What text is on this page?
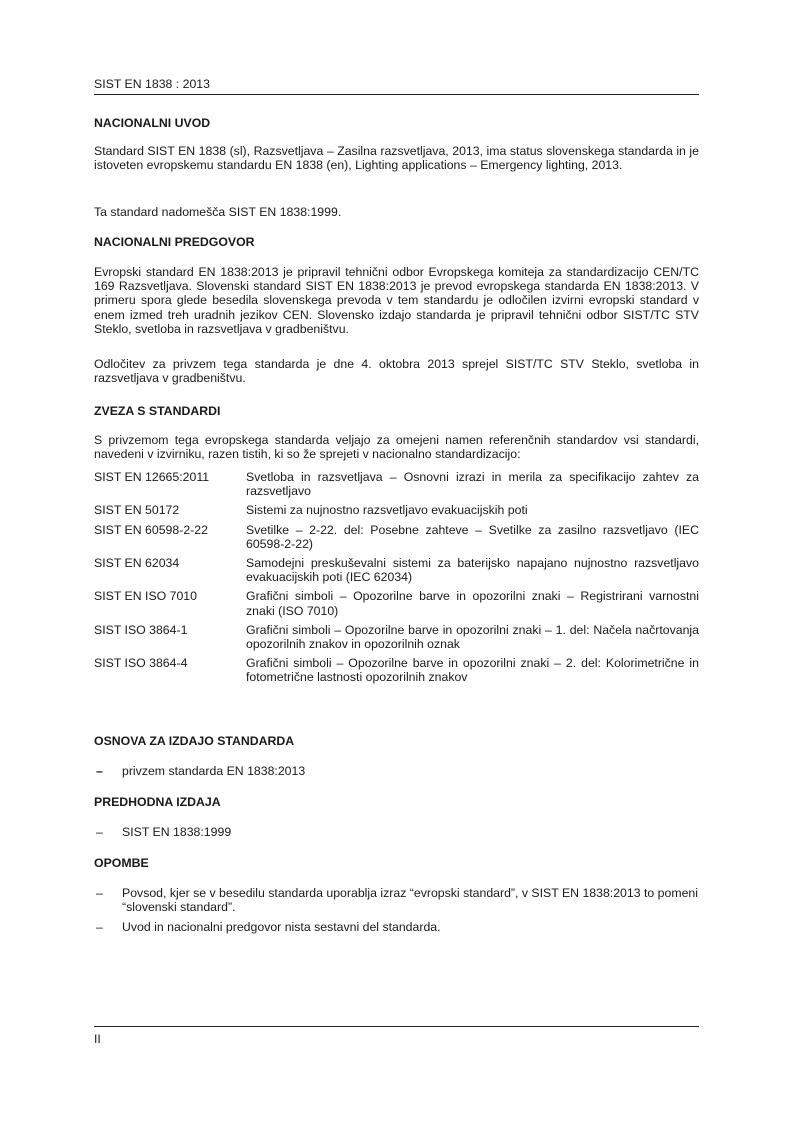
SIST EN 1838 : 2013

NACIONALNI UVOD

Standard SIST EN 1838 (sl), Razsvetljava – Zasilna razsvetljava, 2013, ima status slovenskega standarda in je istoveten evropskemu standardu EN 1838 (en), Lighting applications – Emergency lighting, 2013.

Ta standard nadomešča SIST EN 1838:1999.

NACIONALNI PREDGOVOR

Evropski standard EN 1838:2013 je pripravil tehnični odbor Evropskega komiteja za standardizacijo CEN/TC 169 Razsvetljava. Slovenski standard SIST EN 1838:2013 je prevod evropskega standarda EN 1838:2013. V primeru spora glede besedila slovenskega prevoda v tem standardu je odločilen izvirni evropski standard v enem izmed treh uradnih jezikov CEN. Slovensko izdajo standarda je pripravil tehnični odbor SIST/TC STV Steklo, svetloba in razsvetljava v gradbeništvu.

Odločitev za privzem tega standarda je dne 4. oktobra 2013 sprejel SIST/TC STV Steklo, svetloba in razsvetljava v gradbeništvu.

ZVEZA S STANDARDI

S privzemom tega evropskega standarda veljajo za omejeni namen referenčnih standardov vsi standardi, navedeni v izvirniku, razen tistih, ki so že sprejeti v nacionalno standardizacijo:

SIST EN 12665:2011	Svetloba in razsvetljava – Osnovni izrazi in merila za specifikacijo zahtev za razsvetljavo
SIST EN 50172	Sistemi za nujnostno razsvetljavo evakuacijskih poti
SIST EN 60598-2-22	Svetilke – 2-22. del: Posebne zahteve – Svetilke za zasilno razsvetljavo (IEC 60598-2-22)
SIST EN 62034	Samodejni preskuševalni sistemi za baterijsko napajano nujnostno razsvetljavo evakuacijskih poti (IEC 62034)
SIST EN ISO 7010	Grafični simboli – Opozorilne barve in opozorilni znaki – Registrirani varnostni znaki (ISO 7010)
SIST ISO 3864-1	Grafični simboli – Opozorilne barve in opozorilni znaki – 1. del: Načela načrtovanja opozorilnih znakov in opozorilnih oznak
SIST ISO 3864-4	Grafični simboli – Opozorilne barve in opozorilni znaki – 2. del: Kolorimetrične in fotometrične lastnosti opozorilnih znakov

OSNOVA ZA IZDAJO STANDARDA

–	privzem standarda EN 1838:2013

PREDHODNA IZDAJA

–	SIST EN 1838:1999

OPOMBE

–	Povsod, kjer se v besedilu standarda uporablja izraz “evropski standard”, v SIST EN 1838:2013 to pomeni “slovenski standard”.
–	Uvod in nacionalni predgovor nista sestavni del standarda.
II
